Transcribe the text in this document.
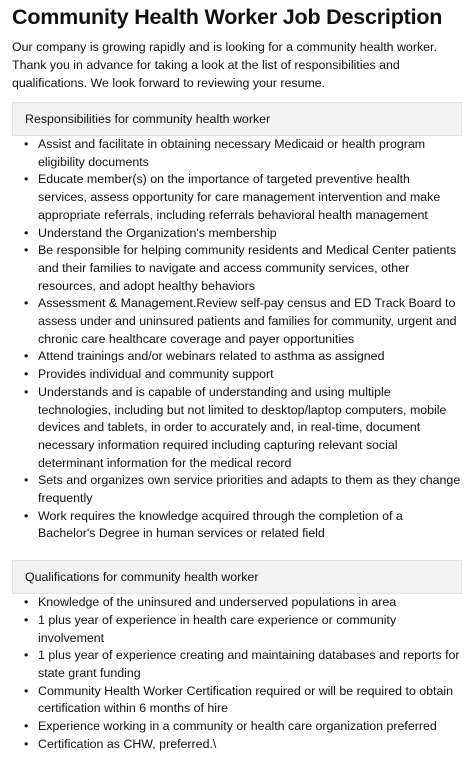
Community Health Worker Job Description

Our company is growing rapidly and is looking for a community health worker. Thank you in advance for taking a look at the list of responsibilities and qualifications. We look forward to reviewing your resume.

Responsibilities for community health worker
• Assist and facilitate in obtaining necessary Medicaid or health program eligibility documents
• Educate member(s) on the importance of targeted preventive health services, assess opportunity for care management intervention and make appropriate referrals, including referrals behavioral health management
• Understand the Organization's membership
• Be responsible for helping community residents and Medical Center patients and their families to navigate and access community services, other resources, and adopt healthy behaviors
• Assessment & Management.Review self-pay census and ED Track Board to assess under and uninsured patients and families for community, urgent and chronic care healthcare coverage and payer opportunities
• Attend trainings and/or webinars related to asthma as assigned
• Provides individual and community support
• Understands and is capable of understanding and using multiple technologies, including but not limited to desktop/laptop computers, mobile devices and tablets, in order to accurately and, in real-time, document necessary information required including capturing relevant social determinant information for the medical record
• Sets and organizes own service priorities and adapts to them as they change frequently
• Work requires the knowledge acquired through the completion of a Bachelor's Degree in human services or related field
Qualifications for community health worker
• Knowledge of the uninsured and underserved populations in area
• 1 plus year of experience in health care experience or community involvement
• 1 plus year of experience creating and maintaining databases and reports for state grant funding
• Community Health Worker Certification required or will be required to obtain certification within 6 months of hire
• Experience working in a community or health care organization preferred
• Certification as CHW, preferred.\
